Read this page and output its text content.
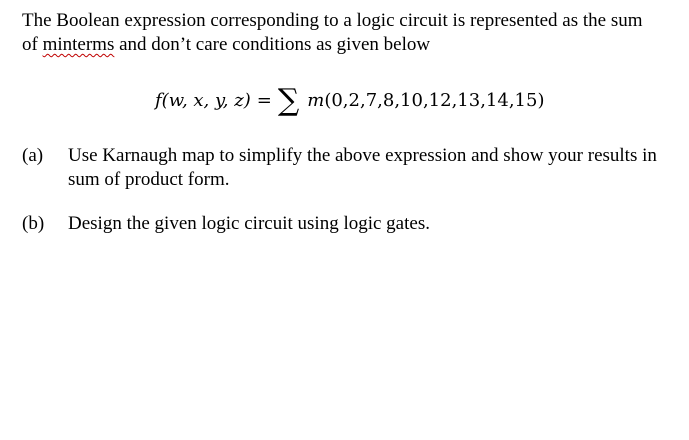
The Boolean expression corresponding to a logic circuit is represented as the sum
of minterms and don’t care conditions as given below
f(w, x, y, z) = ∑ m (0,2,7,8,10,12,13,14,15)
(a) Use Karnaugh map to simplify the above expression and show your results in sum of product form.
(b) Design the given logic circuit using logic gates.
